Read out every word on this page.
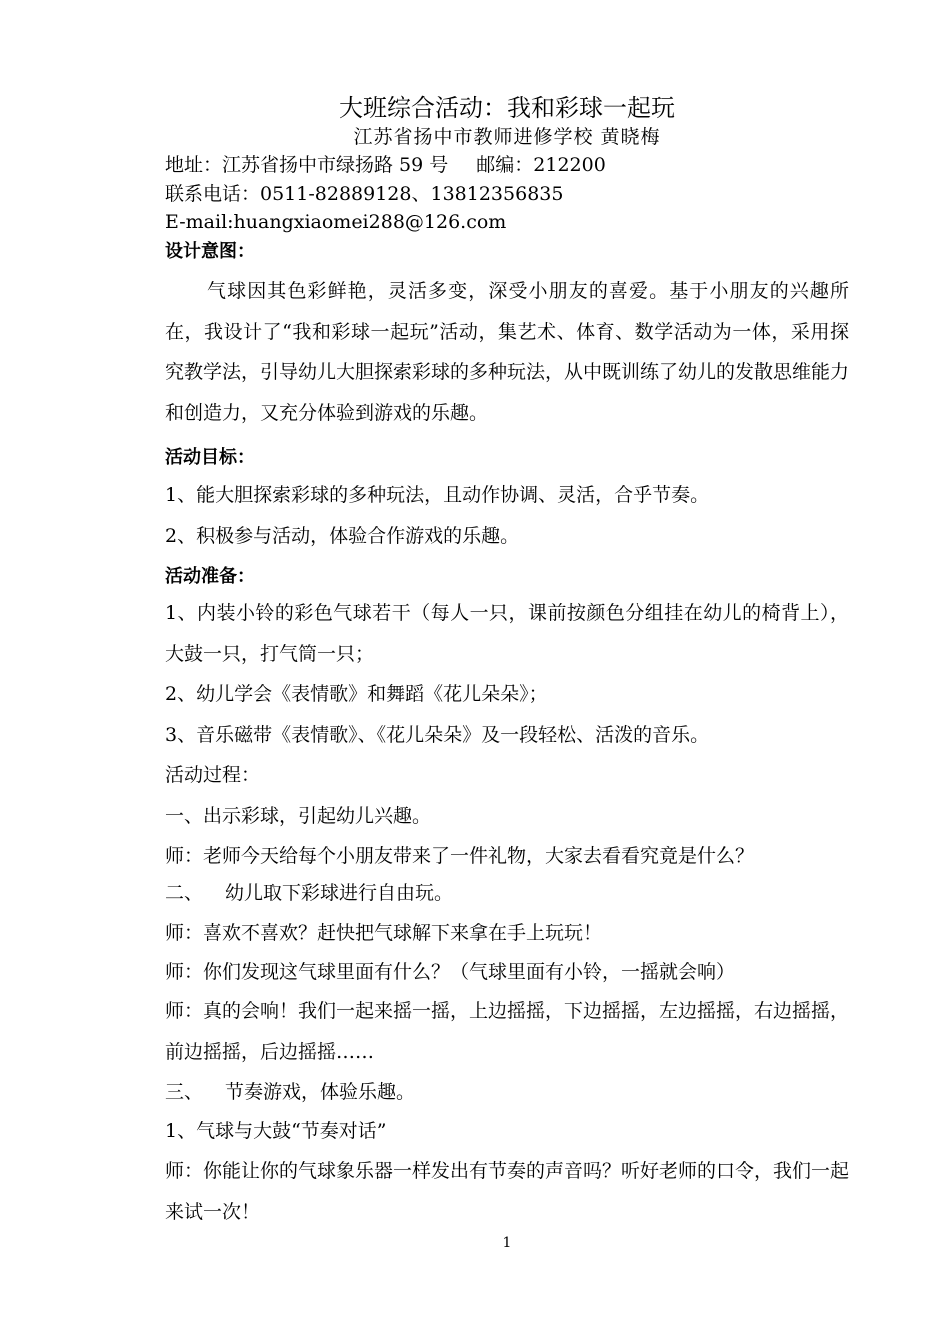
大班综合活动：我和彩球一起玩
江苏省扬中市教师进修学校 黄晓梅
地址：江苏省扬中市绿扬路 59 号 邮编：212200
联系电话：0511-82889128、13812356835
E-mail:huangxiaomei288@126.com
设计意图：
气球因其色彩鲜艳，灵活多变，深受小朋友的喜爱。基于小朋友的兴趣所在，我设计了“我和彩球一起玩”活动，集艺术、体育、数学活动为一体，采用探究教学法，引导幼儿大胆探索彩球的多种玩法，从中既训练了幼儿的发散思维能力和创造力，又充分体验到游戏的乐趣。
活动目标：
1、能大胆探索彩球的多种玩法，且动作协调、灵活，合乎节奏。
2、积极参与活动，体验合作游戏的乐趣。
活动准备：
1、内装小铃的彩色气球若干（每人一只，课前按颜色分组挂在幼儿的椅背上），大鼓一只，打气筒一只；
2、幼儿学会《表情歌》和舞蹈《花儿朵朵》；
3、音乐磁带《表情歌》、《花儿朵朵》及一段轻松、活泼的音乐。
活动过程：
一、出示彩球，引起幼儿兴趣。
师：老师今天给每个小朋友带来了一件礼物，大家去看看究竟是什么？
二、 幼儿取下彩球进行自由玩。
师：喜欢不喜欢？赶快把气球解下来拿在手上玩玩！
师：你们发现这气球里面有什么？（气球里面有小铃，一摇就会响）
师：真的会响！我们一起来摇一摇，上边摇摇，下边摇摇，左边摇摇，右边摇摇，前边摇摇，后边摇摇……
三、 节奏游戏，体验乐趣。
1、气球与大鼓“节奏对话”
师：你能让你的气球象乐器一样发出有节奏的声音吗？听好老师的口令，我们一起来试一次！
1
